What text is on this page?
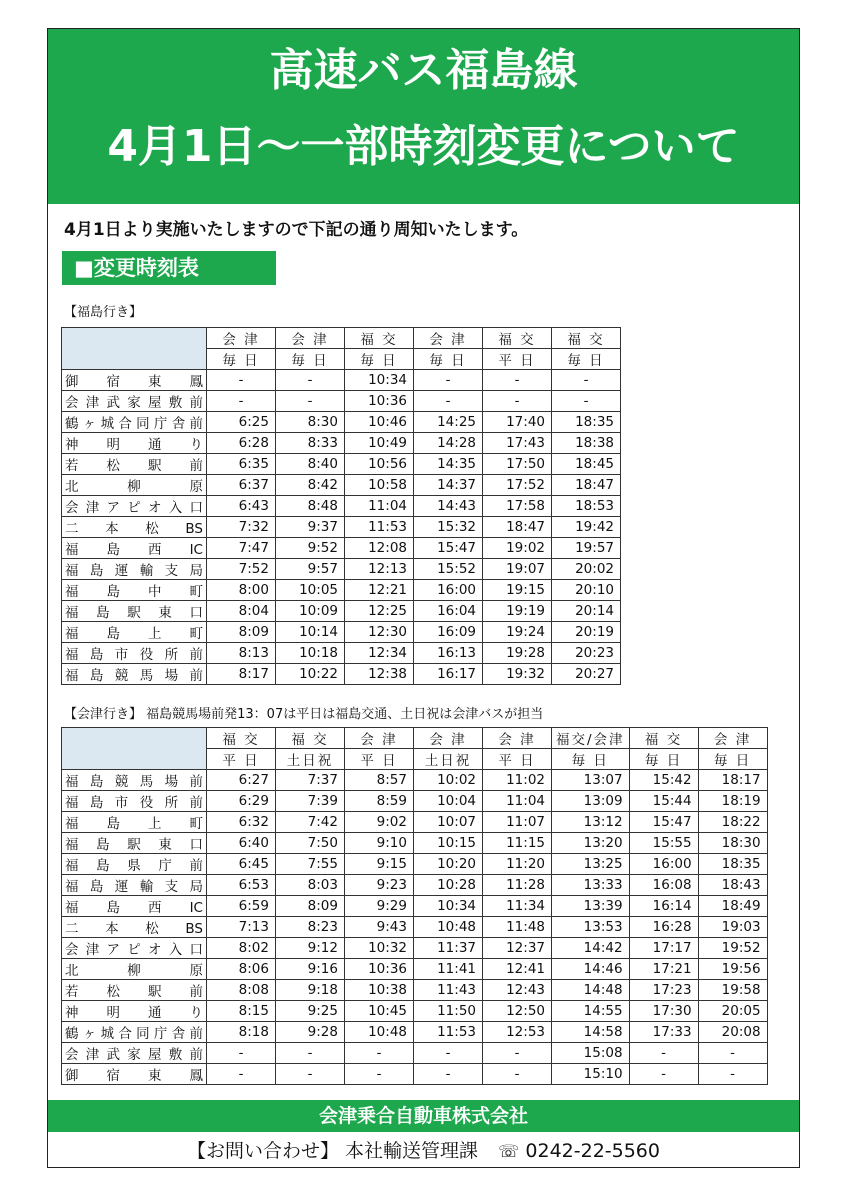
高速バス福島線
4月1日〜一部時刻変更について
4月1日より実施いたしますので下記の通り周知いたします。
■変更時刻表
【福島行き】
	会 津	会 津	福 交	会 津	福 交	福 交
	毎 日	毎 日	毎 日	毎 日	平 日	毎 日
御宿東鳳	-	-	10:34	-	-	-
会津武家屋敷前	-	-	10:36	-	-	-
鶴ヶ城合同庁舎前	6:25	8:30	10:46	14:25	17:40	18:35
神明通り	6:28	8:33	10:49	14:28	17:43	18:38
若松駅前	6:35	8:40	10:56	14:35	17:50	18:45
北柳原	6:37	8:42	10:58	14:37	17:52	18:47
会津アピオ入口	6:43	8:48	11:04	14:43	17:58	18:53
二本松BS	7:32	9:37	11:53	15:32	18:47	19:42
福島西IC	7:47	9:52	12:08	15:47	19:02	19:57
福島運輸支局	7:52	9:57	12:13	15:52	19:07	20:02
福島中町	8:00	10:05	12:21	16:00	19:15	20:10
福島駅東口	8:04	10:09	12:25	16:04	19:19	20:14
福島上町	8:09	10:14	12:30	16:09	19:24	20:19
福島市役所前	8:13	10:18	12:34	16:13	19:28	20:23
福島競馬場前	8:17	10:22	12:38	16:17	19:32	20:27
【会津行き】 福島競馬場前発13：07は平日は福島交通、土日祝は会津バスが担当
	福 交	福 交	会 津	会 津	会 津	福交/会津	福 交	会 津
	平 日	土日祝	平 日	土日祝	平 日	毎 日	毎 日	毎 日
福島競馬場前	6:27	7:37	8:57	10:02	11:02	13:07	15:42	18:17
福島市役所前	6:29	7:39	8:59	10:04	11:04	13:09	15:44	18:19
福島上町	6:32	7:42	9:02	10:07	11:07	13:12	15:47	18:22
福島駅東口	6:40	7:50	9:10	10:15	11:15	13:20	15:55	18:30
福島県庁前	6:45	7:55	9:15	10:20	11:20	13:25	16:00	18:35
福島運輸支局	6:53	8:03	9:23	10:28	11:28	13:33	16:08	18:43
福島西IC	6:59	8:09	9:29	10:34	11:34	13:39	16:14	18:49
二本松BS	7:13	8:23	9:43	10:48	11:48	13:53	16:28	19:03
会津アピオ入口	8:02	9:12	10:32	11:37	12:37	14:42	17:17	19:52
北柳原	8:06	9:16	10:36	11:41	12:41	14:46	17:21	19:56
若松駅前	8:08	9:18	10:38	11:43	12:43	14:48	17:23	19:58
神明通り	8:15	9:25	10:45	11:50	12:50	14:55	17:30	20:05
鶴ヶ城合同庁舎前	8:18	9:28	10:48	11:53	12:53	14:58	17:33	20:08
会津武家屋敷前	-	-	-	-	-	15:08	-	-
御宿東鳳	-	-	-	-	-	15:10	-	-
会津乗合自動車株式会社
【お問い合わせ】 本社輸送管理課 ☏ 0242-22-5560
